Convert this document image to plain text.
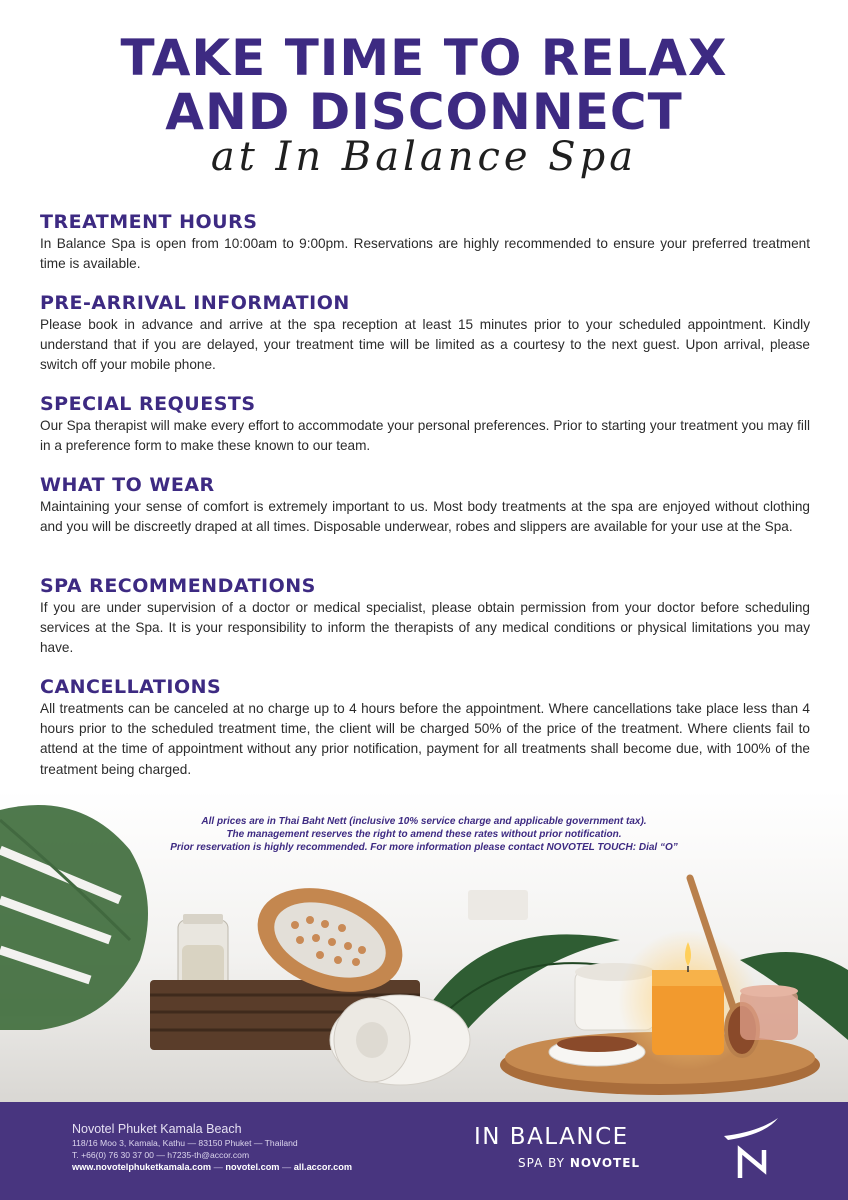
TAKE TIME TO RELAX
AND DISCONNECT
at In Balance Spa
TREATMENT HOURS

In Balance Spa is open from 10:00am to 9:00pm. Reservations are highly recommended to ensure your preferred treatment time is available.

PRE-ARRIVAL INFORMATION

Please book in advance and arrive at the spa reception at least 15 minutes prior to your scheduled appointment. Kindly understand that if you are delayed, your treatment time will be limited as a courtesy to the next guest. Upon arrival, please switch off your mobile phone.

SPECIAL REQUESTS

Our Spa therapist will make every effort to accommodate your personal preferences. Prior to starting your treatment you may fill in a preference form to make these known to our team.

WHAT TO WEAR

Maintaining your sense of comfort is extremely important to us. Most body treatments at the spa are enjoyed without clothing and you will be discreetly draped at all times. Disposable underwear, robes and slippers are available for your use at the Spa.

SPA RECOMMENDATIONS

If you are under supervision of a doctor or medical specialist, please obtain permission from your doctor before scheduling services at the Spa. It is your responsibility to inform the therapists of any medical conditions or physical limitations you may have.

CANCELLATIONS

All treatments can be canceled at no charge up to 4 hours before the appointment. Where cancellations take place less than 4 hours prior to the scheduled treatment time, the client will be charged 50% of the price of the treatment. Where clients fail to attend at the time of appointment without any prior notification, payment for all treatments shall become due, with 100% of the treatment being charged.

All prices are in Thai Baht Nett (inclusive 10% service charge and applicable government tax).
The management reserves the right to amend these rates without prior notification.
Prior reservation is highly recommended. For more information please contact NOVOTEL TOUCH: Dial “O”
Novotel Phuket Kamala Beach
118/16 Moo 3, Kamala, Kathu — 83150 Phuket — Thailand
T. +66(0) 76 30 37 00 — h7235-th@accor.com
www.novotelphuketkamala.com — novotel.com — all.accor.com
IN BALANCE
SPA BY NOVOTEL
